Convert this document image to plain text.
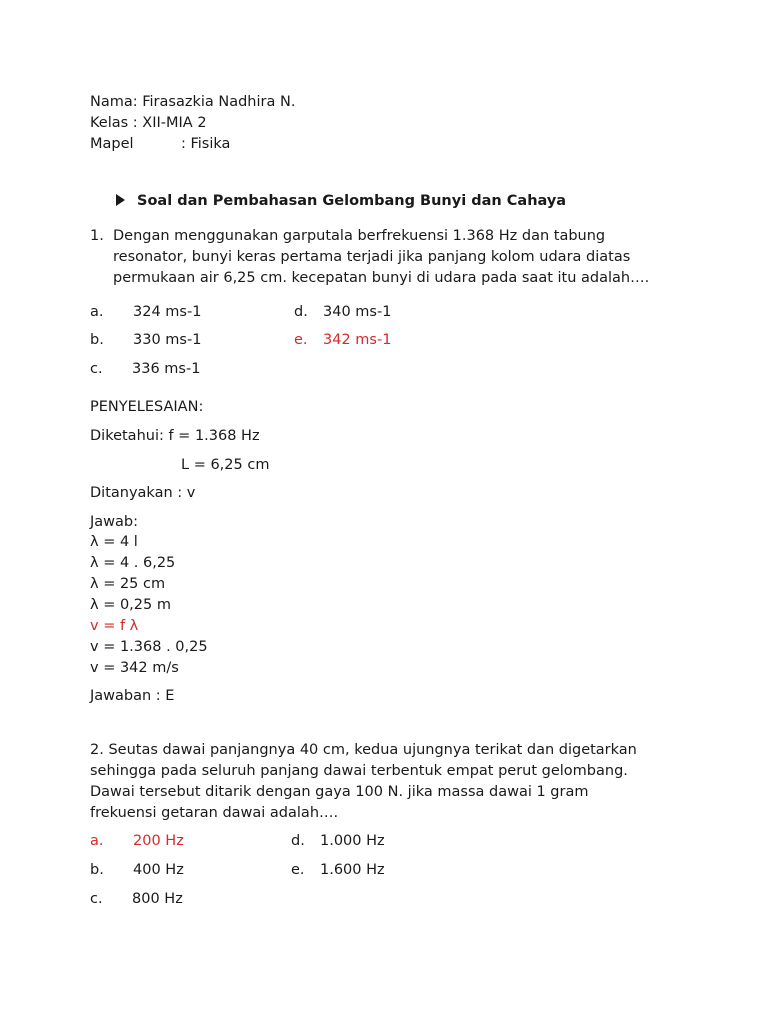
Nama: Firasazkia Nadhira N.
Kelas : XII-MIA 2
Mapel	: Fisika
Soal dan Pembahasan Gelombang Bunyi dan Cahaya
1. Dengan menggunakan garputala berfrekuensi 1.368 Hz dan tabung
resonator, bunyi keras pertama terjadi jika panjang kolom udara diatas
permukaan air 6,25 cm. kecepatan bunyi di udara pada saat itu adalah….
a. 324 ms-1
b. 330 ms-1
c. 336 ms-1
d. 340 ms-1
e. 342 ms-1
PENYELESAIAN:
Diketahui: f = 1.368 Hz
L = 6,25 cm
Ditanyakan : v
Jawab:
λ = 4 l
λ = 4 . 6,25
λ = 25 cm
λ = 0,25 m
v = f λ
v = 1.368 . 0,25
v = 342 m/s
Jawaban : E
2. Seutas dawai panjangnya 40 cm, kedua ujungnya terikat dan digetarkan
sehingga pada seluruh panjang dawai terbentuk empat perut gelombang.
Dawai tersebut ditarik dengan gaya 100 N. jika massa dawai 1 gram
frekuensi getaran dawai adalah….
a. 200 Hz
b. 400 Hz
c. 800 Hz
d. 1.000 Hz
e. 1.600 Hz
